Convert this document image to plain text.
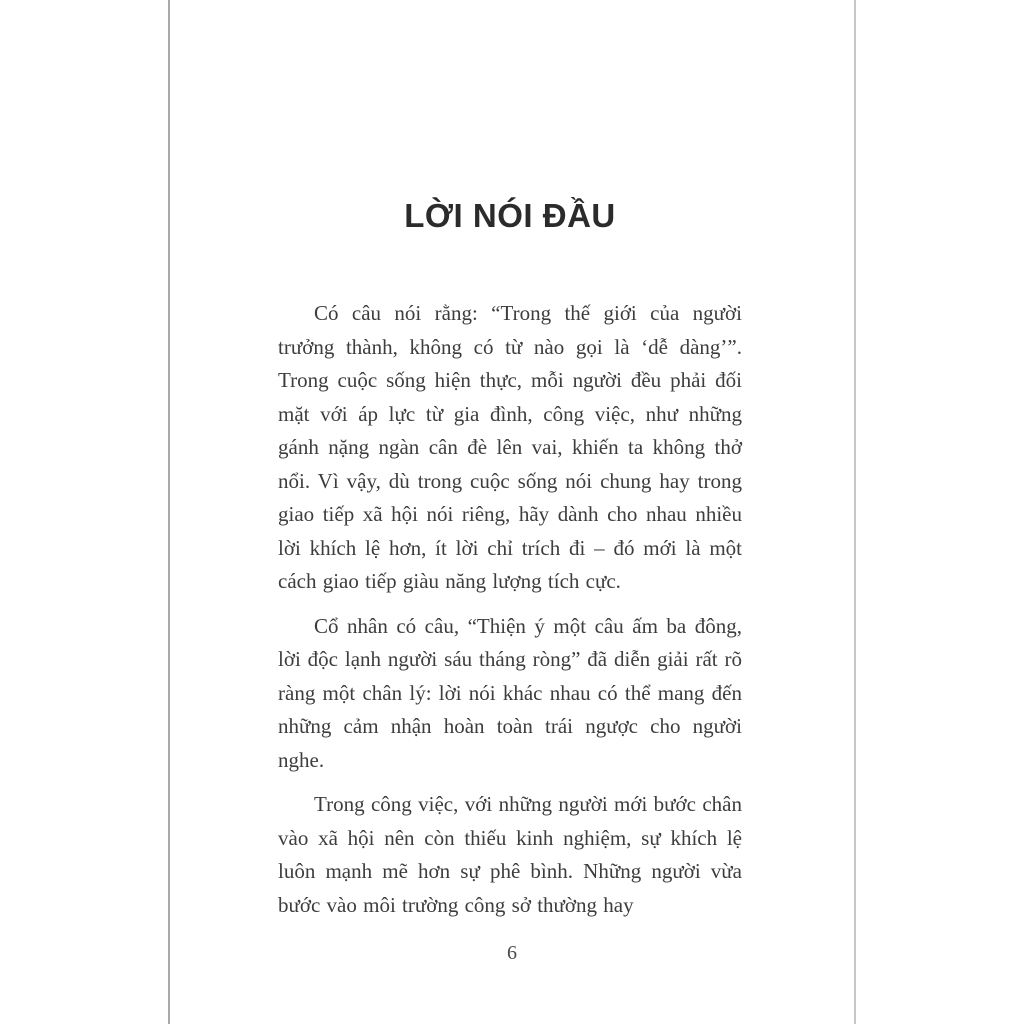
LỜI NÓI ĐẦU

Có câu nói rằng: “Trong thế giới của người trưởng thành, không có từ nào gọi là ‘dễ dàng’”. Trong cuộc sống hiện thực, mỗi người đều phải đối mặt với áp lực từ gia đình, công việc, như những gánh nặng ngàn cân đè lên vai, khiến ta không thở nổi. Vì vậy, dù trong cuộc sống nói chung hay trong giao tiếp xã hội nói riêng, hãy dành cho nhau nhiều lời khích lệ hơn, ít lời chỉ trích đi – đó mới là một cách giao tiếp giàu năng lượng tích cực.

Cổ nhân có câu, “Thiện ý một câu ấm ba đông, lời độc lạnh người sáu tháng ròng” đã diễn giải rất rõ ràng một chân lý: lời nói khác nhau có thể mang đến những cảm nhận hoàn toàn trái ngược cho người nghe.

Trong công việc, với những người mới bước chân vào xã hội nên còn thiếu kinh nghiệm, sự khích lệ luôn mạnh mẽ hơn sự phê bình. Những người vừa bước vào môi trường công sở thường hay

6
